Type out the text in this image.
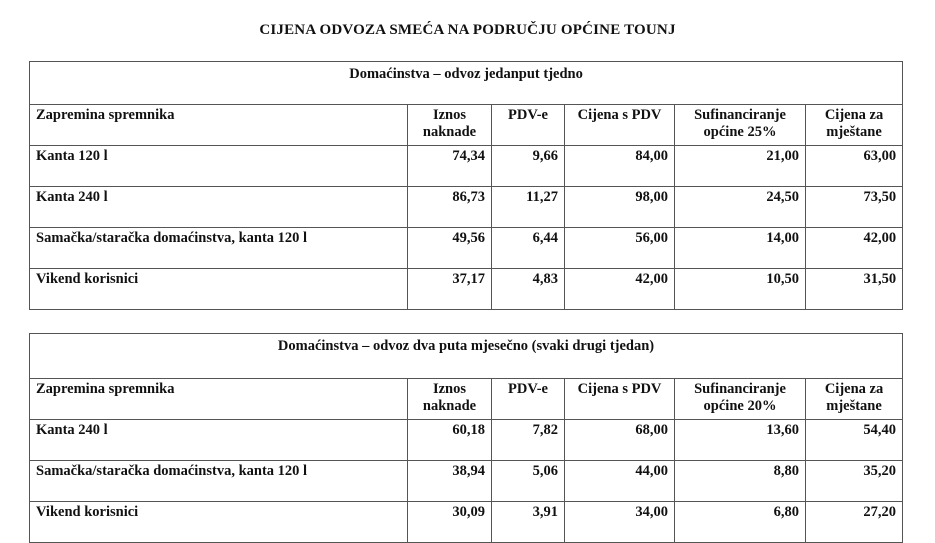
CIJENA ODVOZA SMEĆA NA PODRUČJU OPĆINE TOUNJ
Domaćinstva – odvoz jedanput tjedno					
Zapremina spremnika	Iznos naknade	PDV-e	Cijena s PDV	Sufinanciranje općine 25%	Cijena za mještane
Kanta 120 l	74,34	9,66	84,00	21,00	63,00
Kanta 240 l	86,73	11,27	98,00	24,50	73,50
Samačka/staračka domaćinstva, kanta 120 l	49,56	6,44	56,00	14,00	42,00
Vikend korisnici	37,17	4,83	42,00	10,50	31,50
Domaćinstva – odvoz dva puta mjesečno (svaki drugi tjedan)					
Zapremina spremnika	Iznos naknade	PDV-e	Cijena s PDV	Sufinanciranje općine 20%	Cijena za mještane
Kanta 240 l	60,18	7,82	68,00	13,60	54,40
Samačka/staračka domaćinstva, kanta 120 l	38,94	5,06	44,00	8,80	35,20
Vikend korisnici	30,09	3,91	34,00	6,80	27,20
